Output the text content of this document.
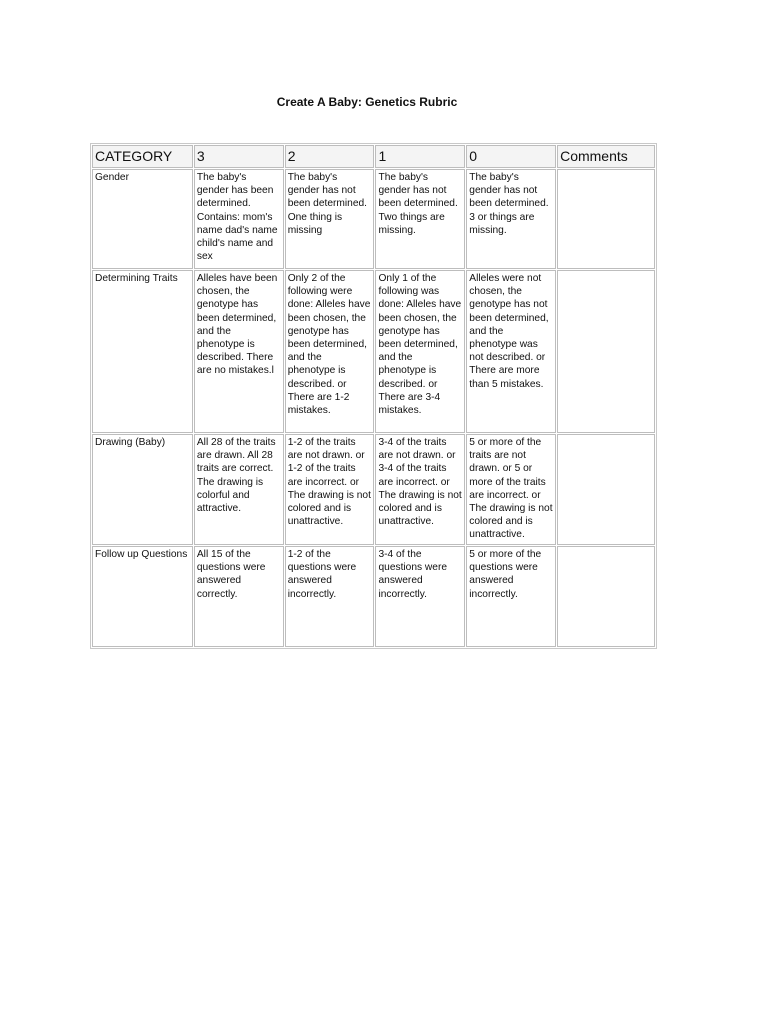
Create A Baby: Genetics Rubric
CATEGORY	3	2	1	0	Comments
Gender	The baby's gender has been determined. Contains: mom's name dad's name child's name and sex	The baby's gender has not been determined. One thing is missing	The baby's gender has not been determined. Two things are missing.	The baby's gender has not been determined. 3 or things are missing.	
Determining Traits	Alleles have been chosen, the genotype has been determined, and the phenotype is described. There are no mistakes.l	Only 2 of the following were done: Alleles have been chosen, the genotype has been determined, and the phenotype is described. or There are 1-2 mistakes.	Only 1 of the following was done: Alleles have been chosen, the genotype has been determined, and the phenotype is described. or There are 3-4 mistakes.	Alleles were not chosen, the genotype has not been determined, and the phenotype was not described. or There are more than 5 mistakes.	
Drawing (Baby)	All 28 of the traits are drawn. All 28 traits are correct. The drawing is colorful and attractive.	1-2 of the traits are not drawn. or 1-2 of the traits are incorrect. or The drawing is not colored and is unattractive.	3-4 of the traits are not drawn. or 3-4 of the traits are incorrect. or The drawing is not colored and is unattractive.	5 or more of the traits are not drawn. or 5 or more of the traits are incorrect. or The drawing is not colored and is unattractive.	
Follow up Questions	All 15 of the questions were answered correctly.	1-2 of the questions were answered incorrectly.	3-4 of the questions were answered incorrectly.	5 or more of the questions were answered incorrectly.	
